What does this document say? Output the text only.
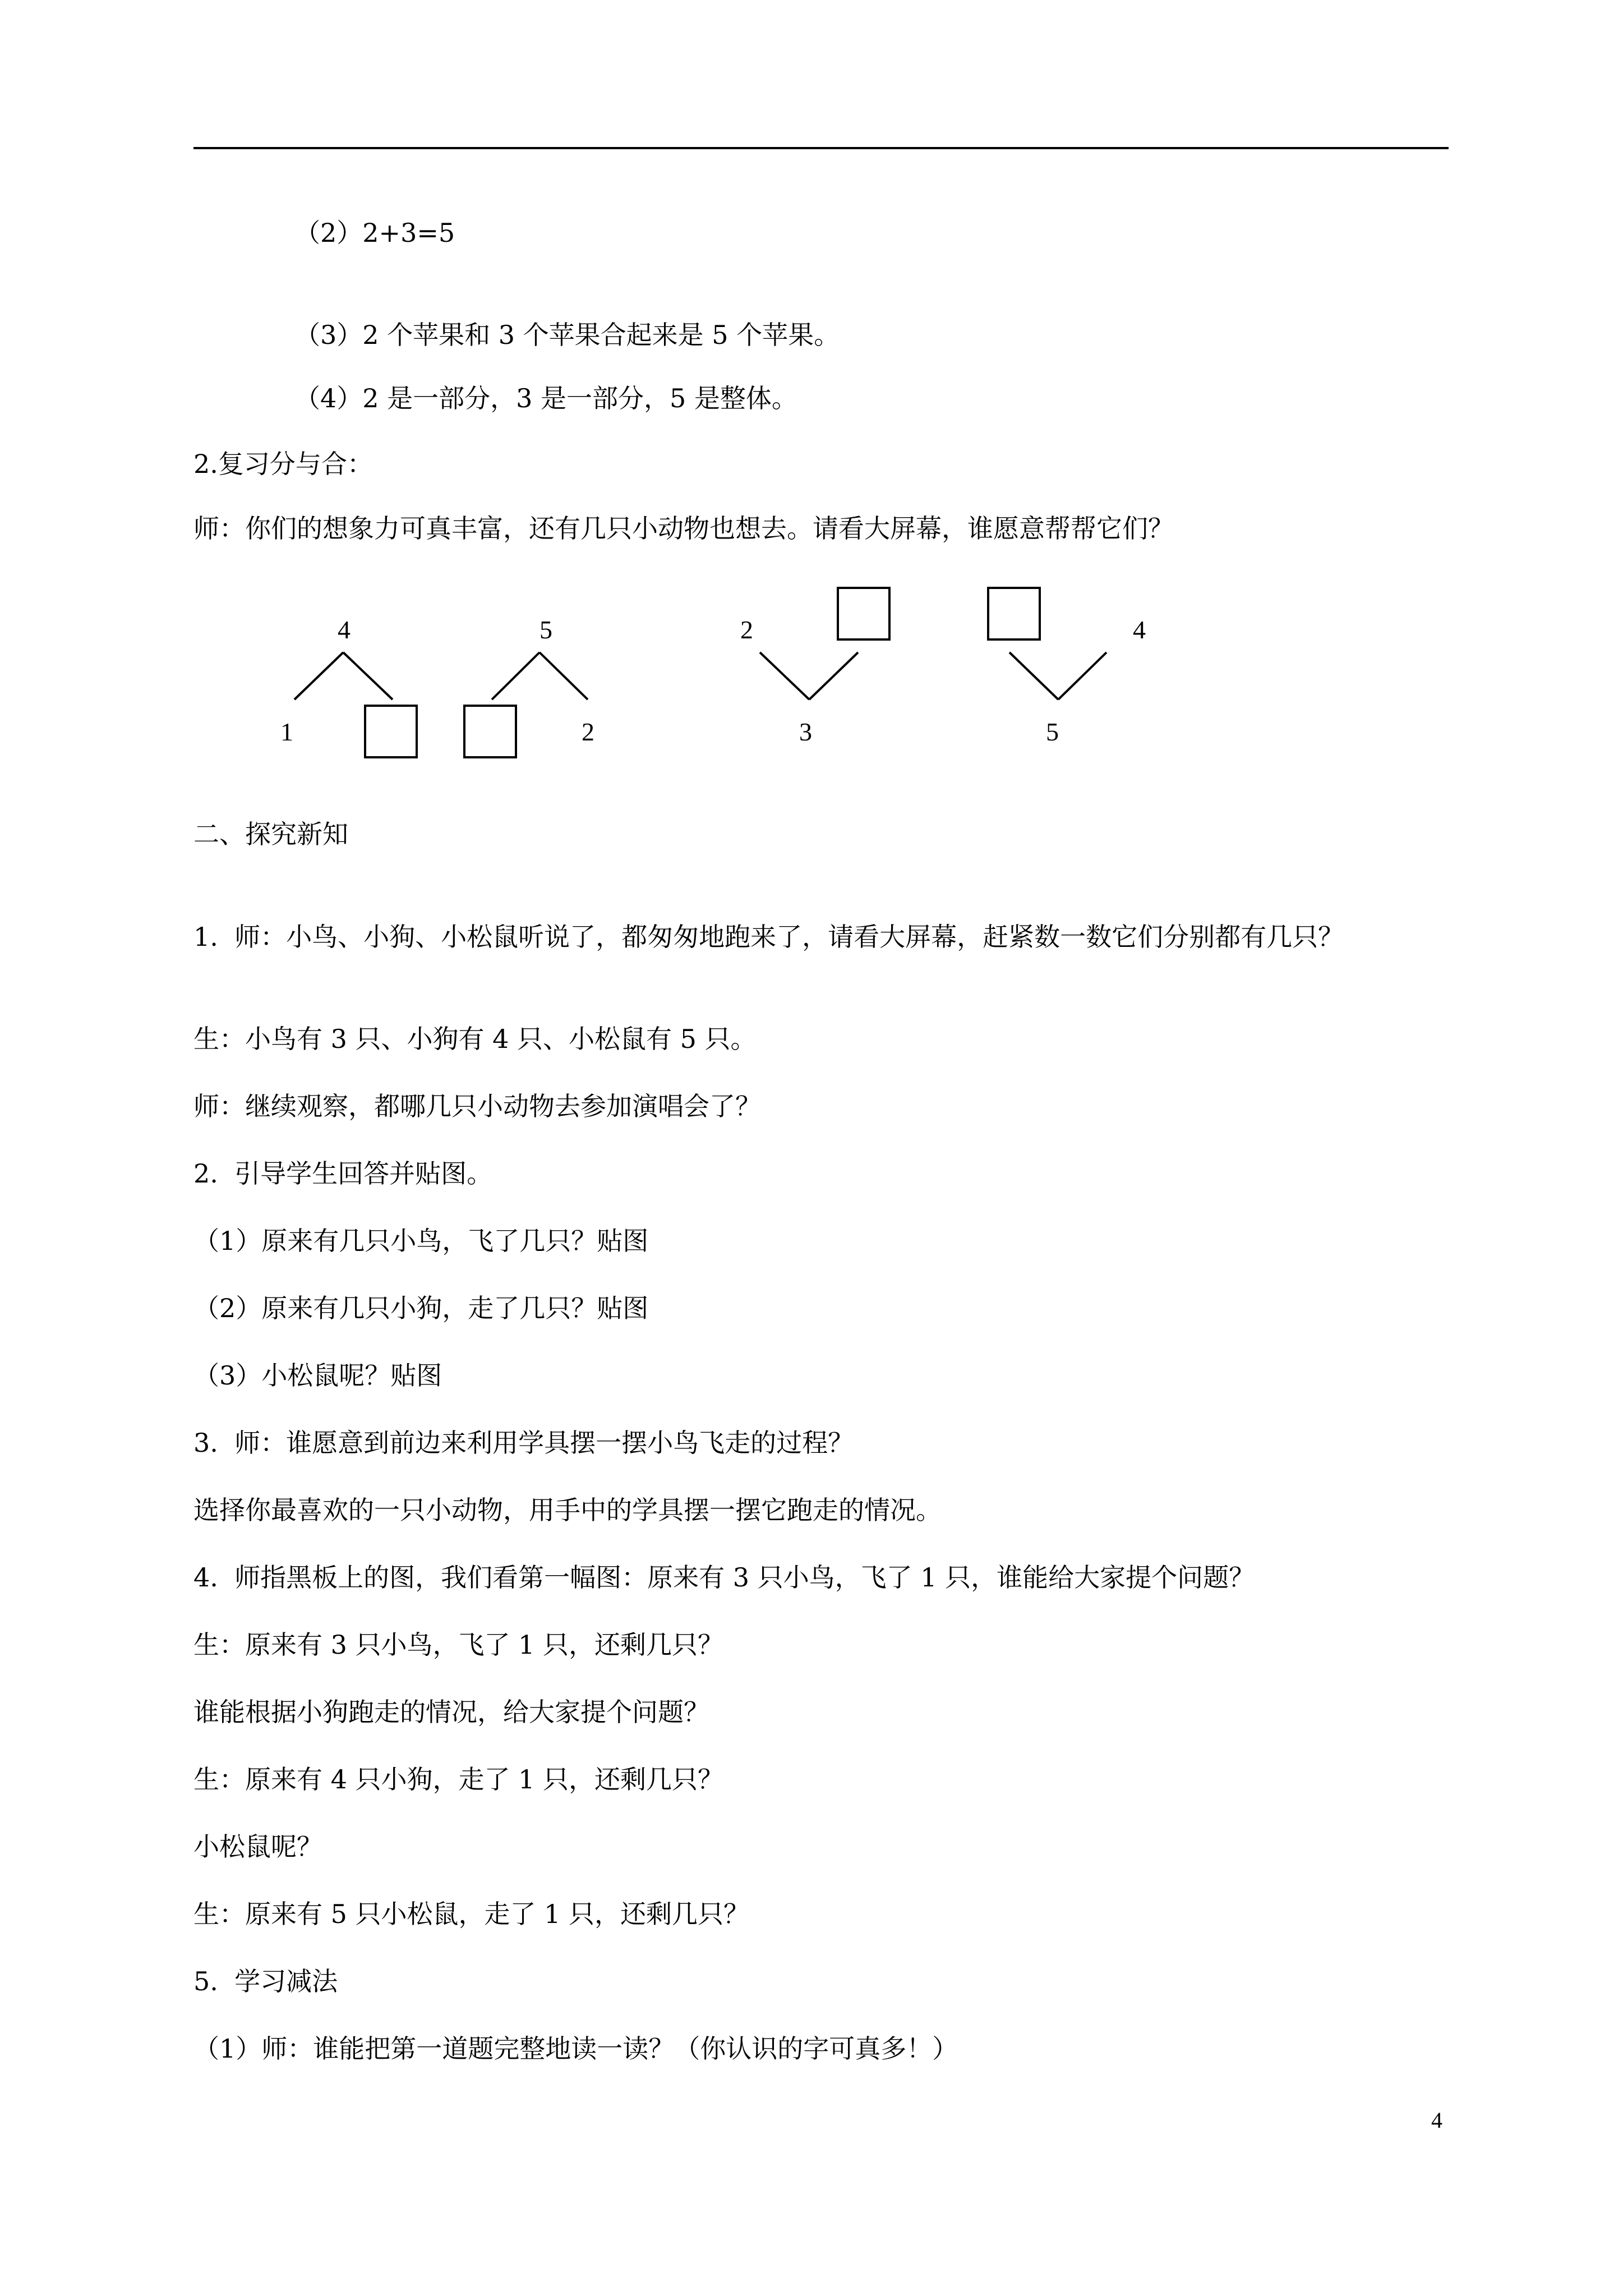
（2）2+3=5
（3）2 个苹果和 3 个苹果合起来是 5 个苹果。
（4）2 是一部分，3 是一部分，5 是整体。
2.复习分与合：
师：你们的想象力可真丰富，还有几只小动物也想去。请看大屏幕，谁愿意帮帮它们？
4
1
5
2
2
3
4
5
二、探究新知
1.  师：小鸟、小狗、小松鼠听说了，都匆匆地跑来了，请看大屏幕，赶紧数一数它们分别都有几只？
生：小鸟有 3 只、小狗有 4 只、小松鼠有 5 只。
师：继续观察，都哪几只小动物去参加演唱会了？
2.  引导学生回答并贴图。
（1）原来有几只小鸟，飞了几只？贴图
（2）原来有几只小狗，走了几只？贴图
（3）小松鼠呢？贴图
3.  师：谁愿意到前边来利用学具摆一摆小鸟飞走的过程？
选择你最喜欢的一只小动物，用手中的学具摆一摆它跑走的情况。
4.  师指黑板上的图，我们看第一幅图：原来有 3 只小鸟，飞了 1 只，谁能给大家提个问题？
生：原来有 3 只小鸟，飞了 1 只，还剩几只？
谁能根据小狗跑走的情况，给大家提个问题？
生：原来有 4 只小狗，走了 1 只，还剩几只？
小松鼠呢？
生：原来有 5 只小松鼠，走了 1 只，还剩几只？
5.  学习减法
（1）师：谁能把第一道题完整地读一读？（你认识的字可真多！）
4
